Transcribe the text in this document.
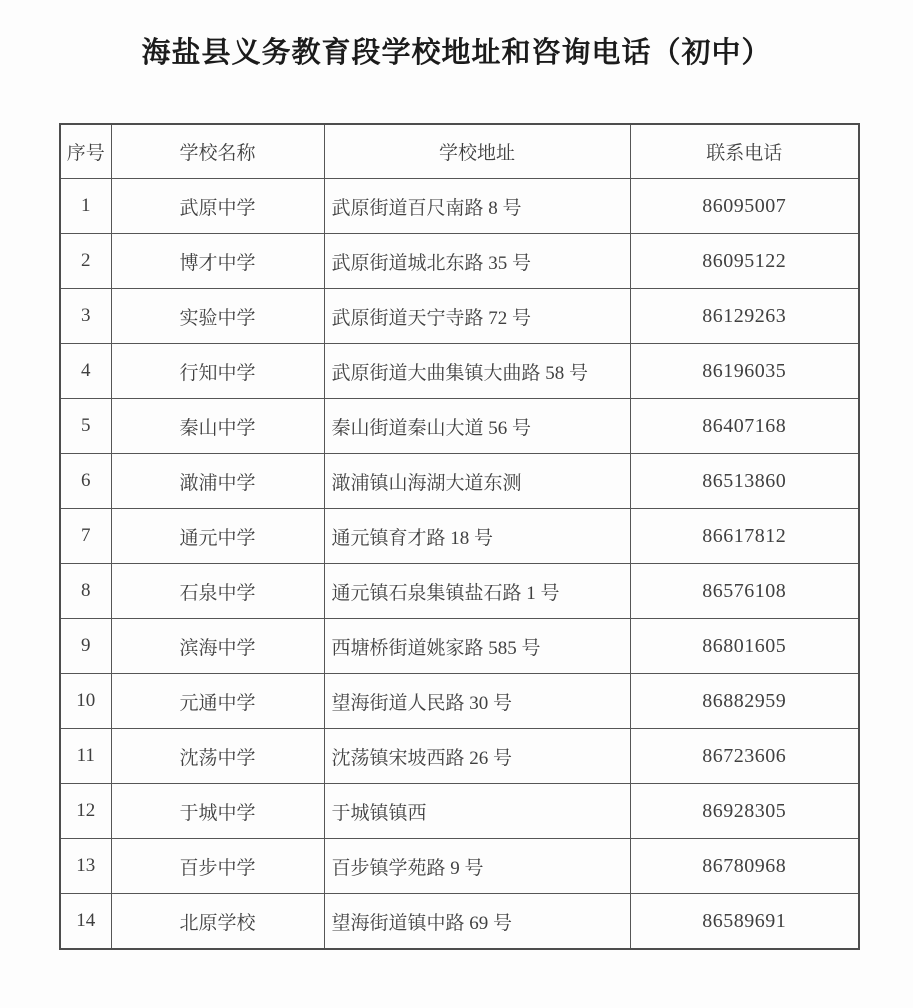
海盐县义务教育段学校地址和咨询电话（初中）
序号	学校名称	学校地址	联系电话
1	武原中学	武原街道百尺南路 8 号	86095007
2	博才中学	武原街道城北东路 35 号	86095122
3	实验中学	武原街道天宁寺路 72 号	86129263
4	行知中学	武原街道大曲集镇大曲路 58 号	86196035
5	秦山中学	秦山街道秦山大道 56 号	86407168
6	澉浦中学	澉浦镇山海湖大道东测	86513860
7	通元中学	通元镇育才路 18 号	86617812
8	石泉中学	通元镇石泉集镇盐石路 1 号	86576108
9	滨海中学	西塘桥街道姚家路 585 号	86801605
10	元通中学	望海街道人民路 30 号	86882959
11	沈荡中学	沈荡镇宋坡西路 26 号	86723606
12	于城中学	于城镇镇西	86928305
13	百步中学	百步镇学苑路 9 号	86780968
14	北原学校	望海街道镇中路 69 号	86589691
